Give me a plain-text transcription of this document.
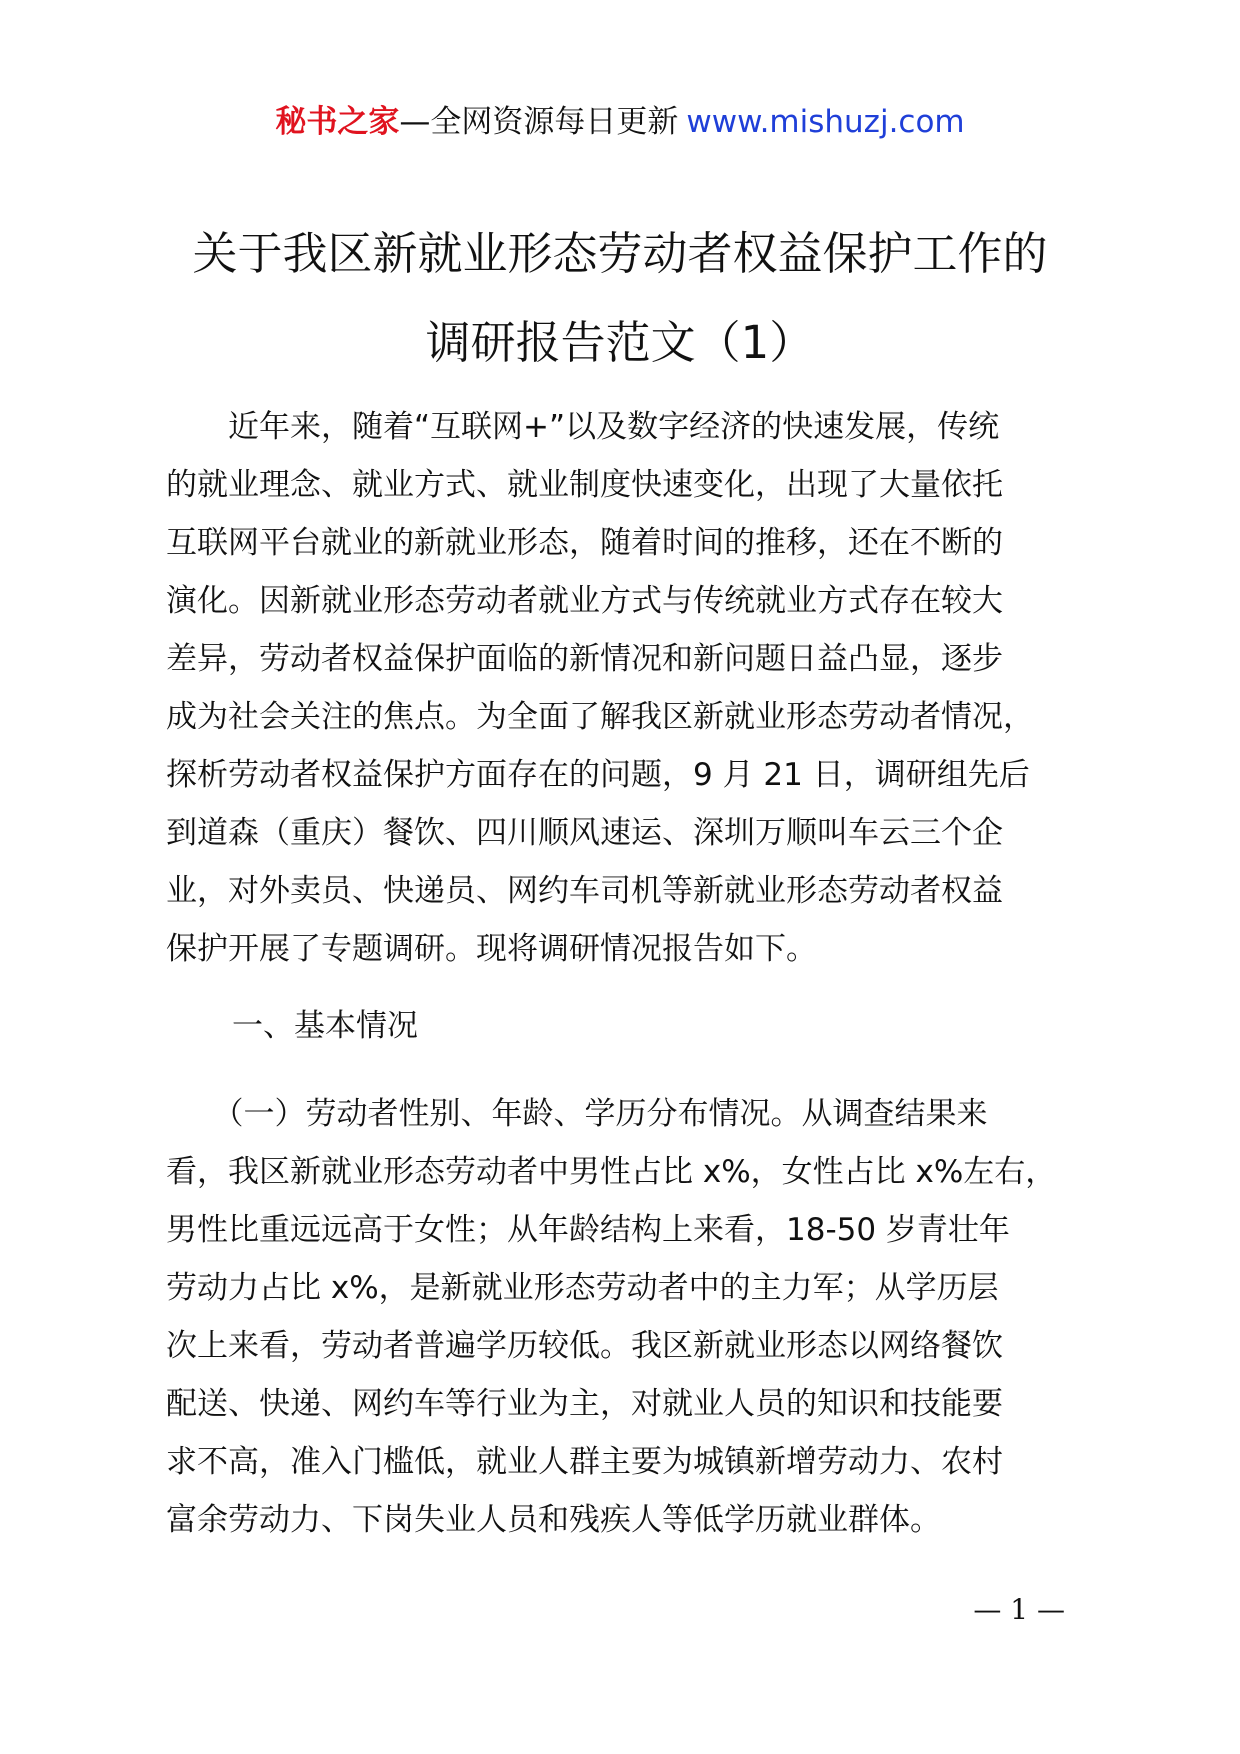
秘书之家—全网资源每日更新 www.mishuzj.com
关于我区新就业形态劳动者权益保护工作的
调研报告范文（1）
　　近年来，随着“互联网+”以及数字经济的快速发展，传统
的就业理念、就业方式、就业制度快速变化，出现了大量依托
互联网平台就业的新就业形态，随着时间的推移，还在不断的
演化。因新就业形态劳动者就业方式与传统就业方式存在较大
差异，劳动者权益保护面临的新情况和新问题日益凸显，逐步
成为社会关注的焦点。为全面了解我区新就业形态劳动者情况，
探析劳动者权益保护方面存在的问题，9 月 21 日，调研组先后
到道森（重庆）餐饮、四川顺风速运、深圳万顺叫车云三个企
业，对外卖员、快递员、网约车司机等新就业形态劳动者权益
保护开展了专题调研。现将调研情况报告如下。
一、基本情况
　　（一）劳动者性别、年龄、学历分布情况。从调查结果来
看，我区新就业形态劳动者中男性占比 x%，女性占比 x%左右，
男性比重远远高于女性；从年龄结构上来看，18-50 岁青壮年
劳动力占比 x%，是新就业形态劳动者中的主力军；从学历层
次上来看，劳动者普遍学历较低。我区新就业形态以网络餐饮
配送、快递、网约车等行业为主，对就业人员的知识和技能要
求不高，准入门槛低，就业人群主要为城镇新增劳动力、农村
富余劳动力、下岗失业人员和残疾人等低学历就业群体。
— 1 —
